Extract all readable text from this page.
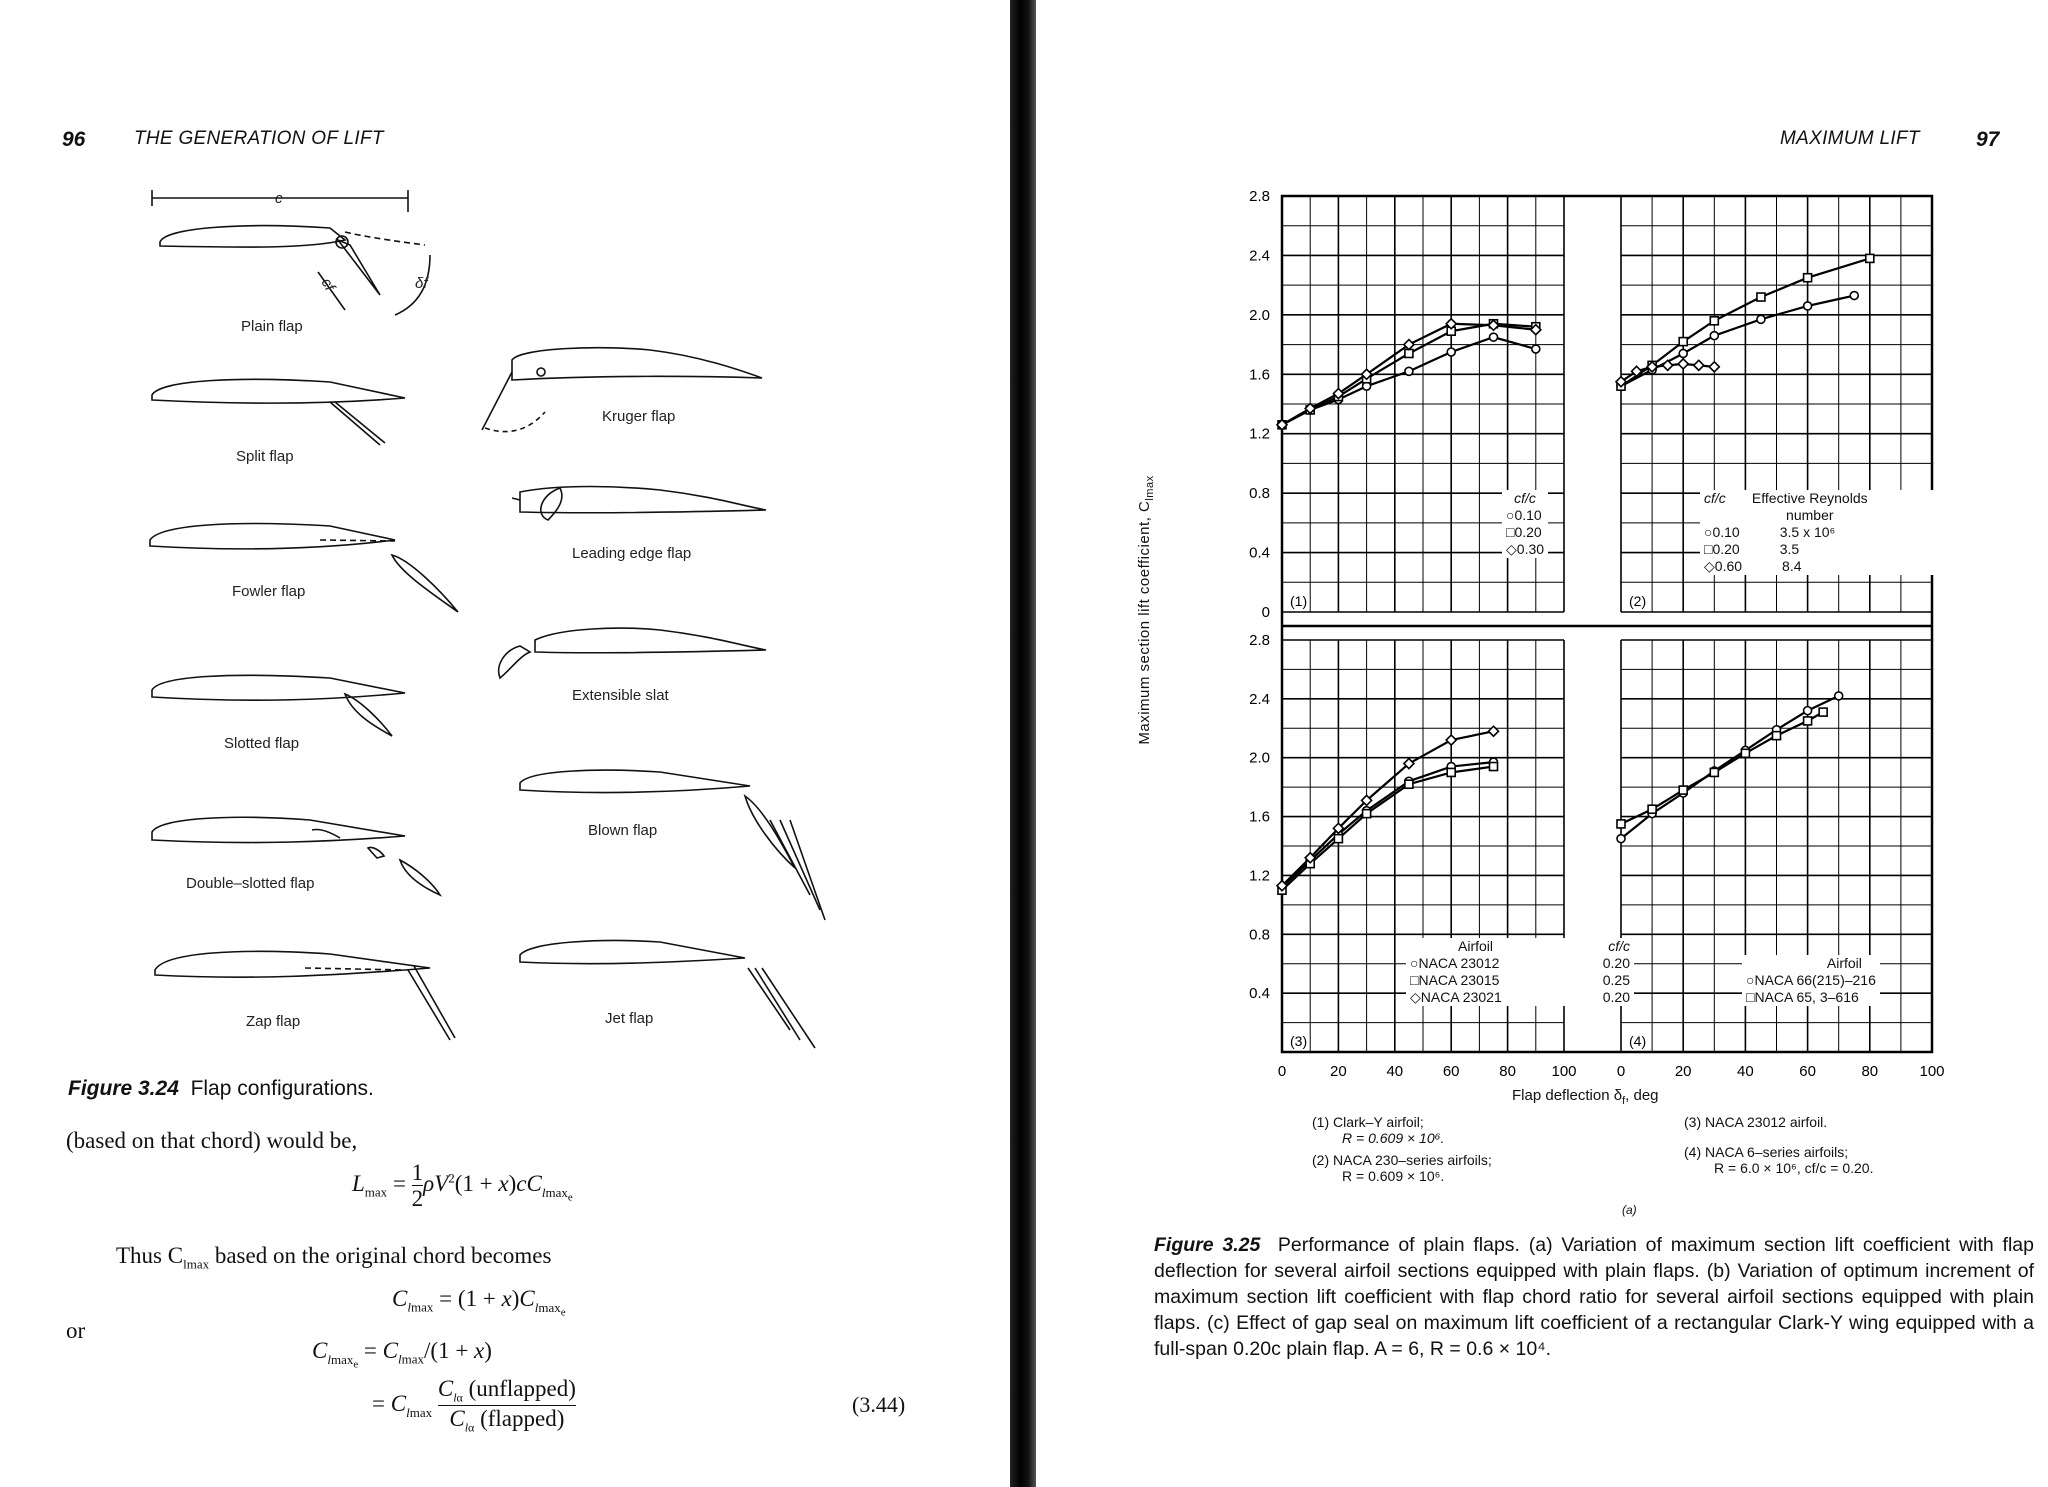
96	THE GENERATION OF LIFT
Plain flap
Split flap
Fowler flap
Slotted flap
Double–slotted flap
Zap flap
Kruger flap
Leading edge flap
Extensible slat
Blown flap
Jet flap
c
cf	δf
Figure 3.24 Flap configurations.
(based on that chord) would be,
$L_{max} = \frac{1}{2}\rho V^2(1 + x)cC_{lmax_e}$
Thus $C_{lmax}$ based on the original chord becomes
$C_{lmax} = (1 + x)C_{lmax_e}$
or
$C_{lmax_e} = C_{lmax}/(1 + x)$
= $C_{lmax}$
$C_{l\alpha}$ (unflapped)
$C_{l\alpha}$ (flapped)
(3.44)
MAXIMUM LIFT	97
(1)	(2)
(3)	(4)
0
0.4
0.8
1.2
1.6
2.0
2.4
2.8
0.4
0.8
1.2
1.6
2.0
2.4
2.8
0	20	40	60	80 100	0	20	40	60	80	100
Maximum section lift coefficient, $C_{lmax}$
Flap deflection $\delta_f$, deg
cf/c
○0.10
□0.20
◇0.30
cf/c	Effective Reynolds number
○0.10	3.5 x 10⁶
□0.20	3.5
◇0.60	8.4
Airfoil	cf/c
○NACA 23012	0.20
□NACA 23015	0.25
◇NACA 23021	0.20
Airfoil
○NACA 66(215)–216
□NACA 65, 3–616
(1) Clark–Y airfoil;
R = 0.609 × 10⁶.
(2) NACA 230–series airfoils;
R = 0.609 × 10⁶.
(3) NACA 23012 airfoil.
(4) NACA 6–series airfoils;
R = 6.0 × 10⁶, cf/c = 0.20.
(a)
Figure 3.25 Performance of plain flaps. (a) Variation of maximum section lift coefficient with flap deflection for several airfoil sections equipped with plain flaps. (b) Variation of optimum increment of maximum section lift coefficient with flap chord ratio for several airfoil sections equipped with plain flaps. (c) Effect of gap seal on maximum lift coefficient of a rectangular Clark-Y wing equipped with a full-span 0.20c plain flap. A = 6, R = 0.6 × 10⁴.
